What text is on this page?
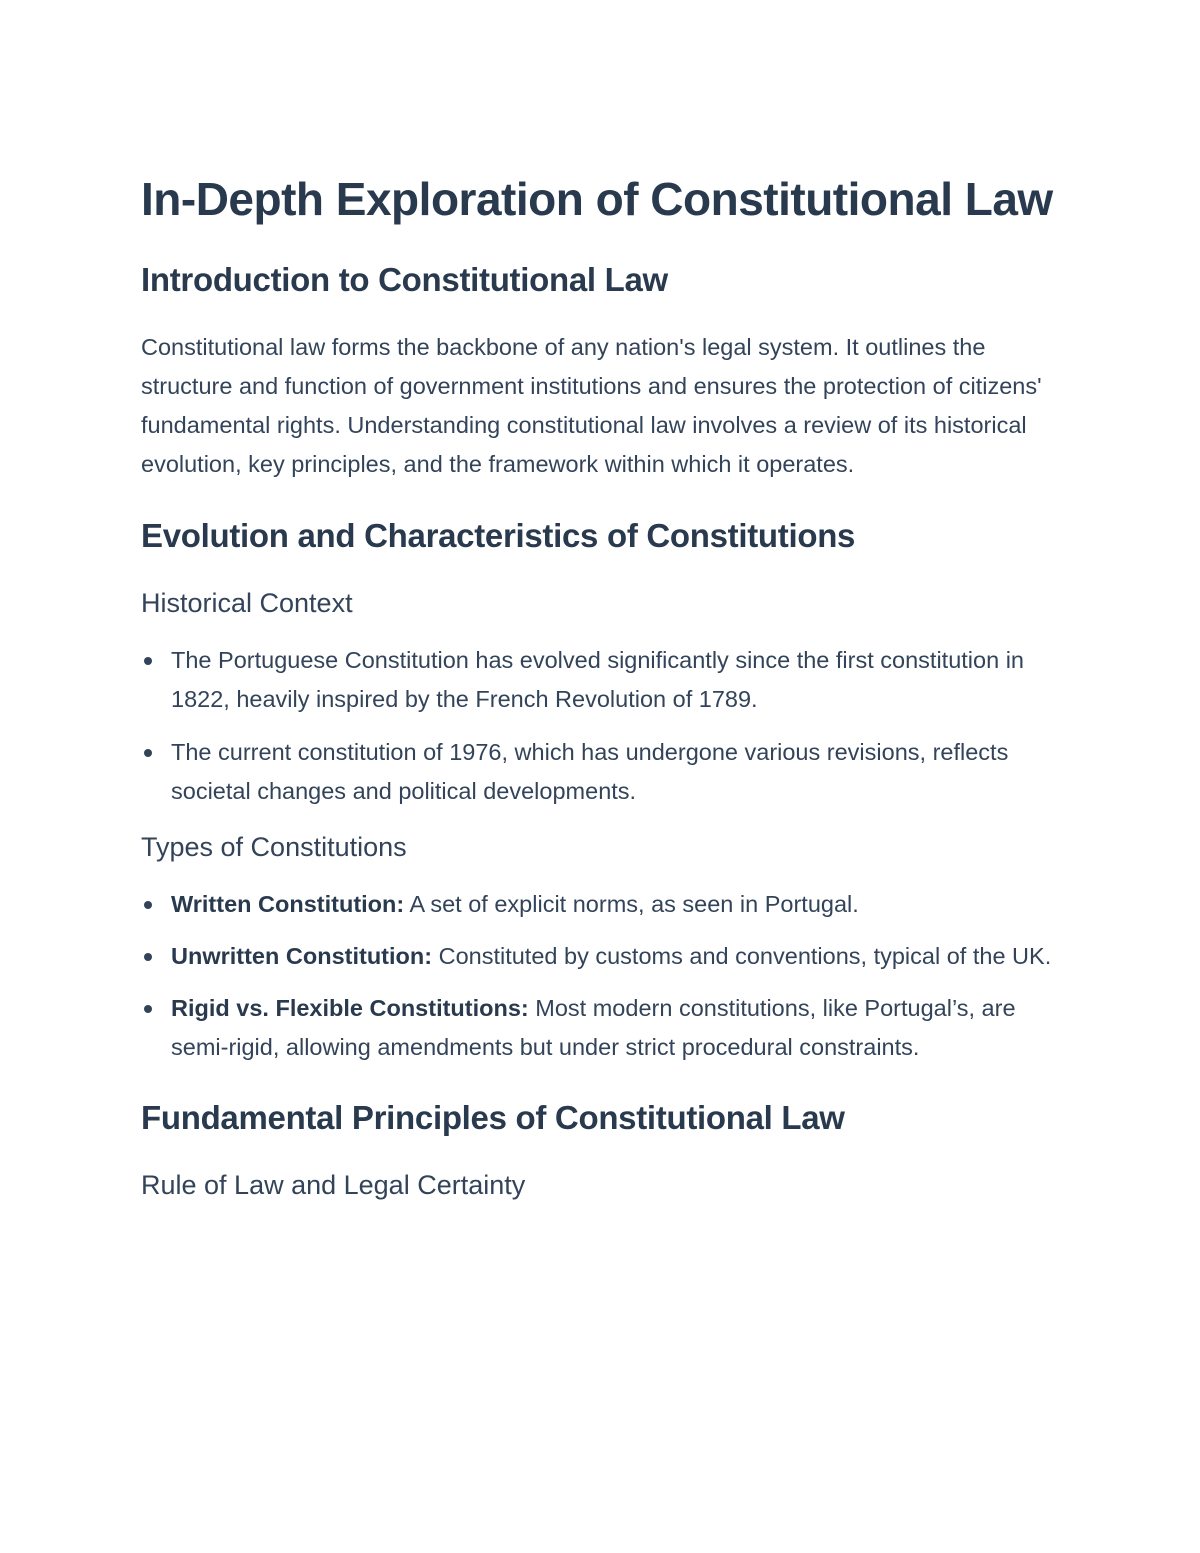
In-Depth Exploration of Constitutional Law
Introduction to Constitutional Law

Constitutional law forms the backbone of any nation's legal system. It outlines the structure and function of government institutions and ensures the protection of citizens' fundamental rights. Understanding constitutional law involves a review of its historical evolution, key principles, and the framework within which it operates.

Evolution and Characteristics of Constitutions
Historical Context
The Portuguese Constitution has evolved significantly since the first constitution in 1822, heavily inspired by the French Revolution of 1789.
The current constitution of 1976, which has undergone various revisions, reflects societal changes and political developments.
Types of Constitutions
Written Constitution: A set of explicit norms, as seen in Portugal.
Unwritten Constitution: Constituted by customs and conventions, typical of the UK.
Rigid vs. Flexible Constitutions: Most modern constitutions, like Portugal’s, are semi-rigid, allowing amendments but under strict procedural constraints.
Fundamental Principles of Constitutional Law
Rule of Law and Legal Certainty
